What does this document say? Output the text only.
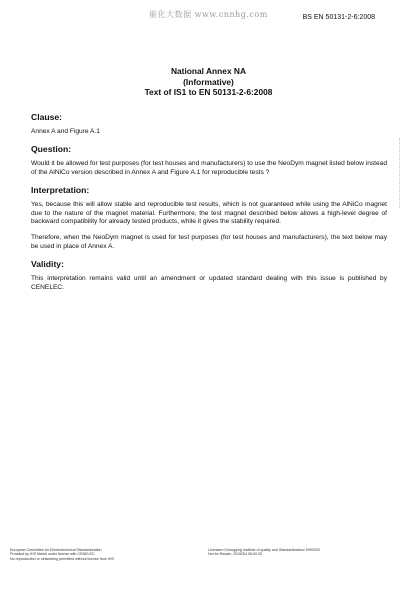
能化大数据 www.cnnhg.com	BS EN 50131-2-6:2008
National Annex NA
(Informative)
Text of IS1 to EN 50131-2-6:2008
Clause:
Annex A and Figure A.1
Question:
Would it be allowed for test purposes (for test houses and manufacturers) to use the NeoDym magnet listed below instead of the AlNiCo version described in Annex A and Figure A.1 for reproducible tests ?
Interpretation:
Yes, because this will allow stable and reproducible test results, which is not guaranteed while using the AlNiCo magnet due to the nature of the magnet material. Furthermore, the test magnet described below allows a high-level degree of backward compatibility for already tested products, while it gives the stability required.
Therefore, when the NeoDym magnet is used for test purposes (for test houses and manufacturers), the text below may be used in place of Annex A.
Validity:
This interpretation remains valid until an amendment or updated standard dealing with this issue is published by CENELEC.
European Committee for Electrotechnical Standardization
Provided by IHS Markit under license with CENELEC
No reproduction or networking permitted without license from IHS
Licensee=Chongqing Institute of quality and Standardization/ 5990393
Not for Resale, 2019/3/4 06:00:33
